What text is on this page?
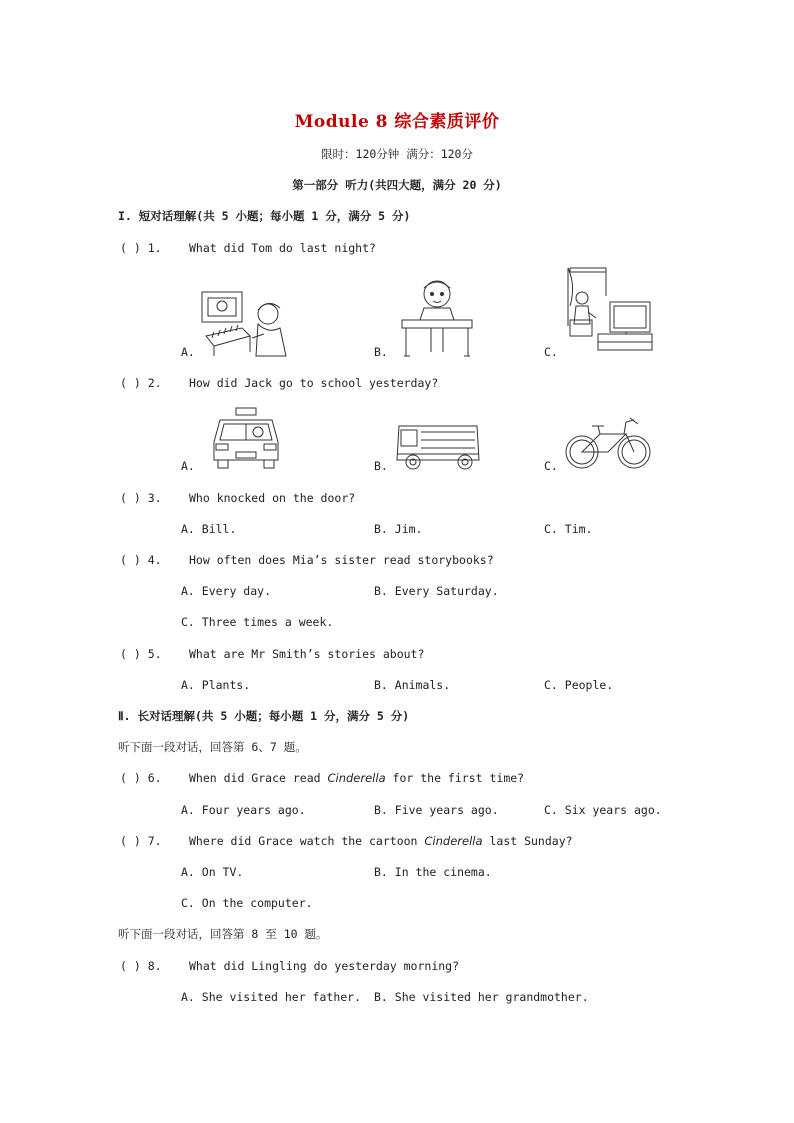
Module 8 综合素质评价
限时：120分钟 满分：120分
第一部分 听力(共四大题，满分 20 分)
I. 短对话理解(共 5 小题；每小题 1 分，满分 5 分)
( ) 1. What did Tom do last night?
A.	B.	C.
( ) 2. How did Jack go to school yesterday?
A.	B.	C.
( ) 3. Who knocked on the door?
A. Bill.	B. Jim.	C. Tim.
( ) 4. How often does Mia’s sister read storybooks?
A. Every day.	B. Every Saturday.
C. Three times a week.
( ) 5. What are Mr Smith’s stories about?
A. Plants.	B. Animals.	C. People.
Ⅱ. 长对话理解(共 5 小题；每小题 1 分，满分 5 分)
听下面一段对话，回答第 6、7 题。
( ) 6. When did Grace read Cinderella for the first time?
A. Four years ago.	B. Five years ago.	C. Six years ago.
( ) 7. Where did Grace watch the cartoon Cinderella last Sunday?
A. On TV.	B. In the cinema.
C. On the computer.
听下面一段对话，回答第 8 至 10 题。
( ) 8. What did Lingling do yesterday morning?
A. She visited her father. B. She visited her grandmother.
